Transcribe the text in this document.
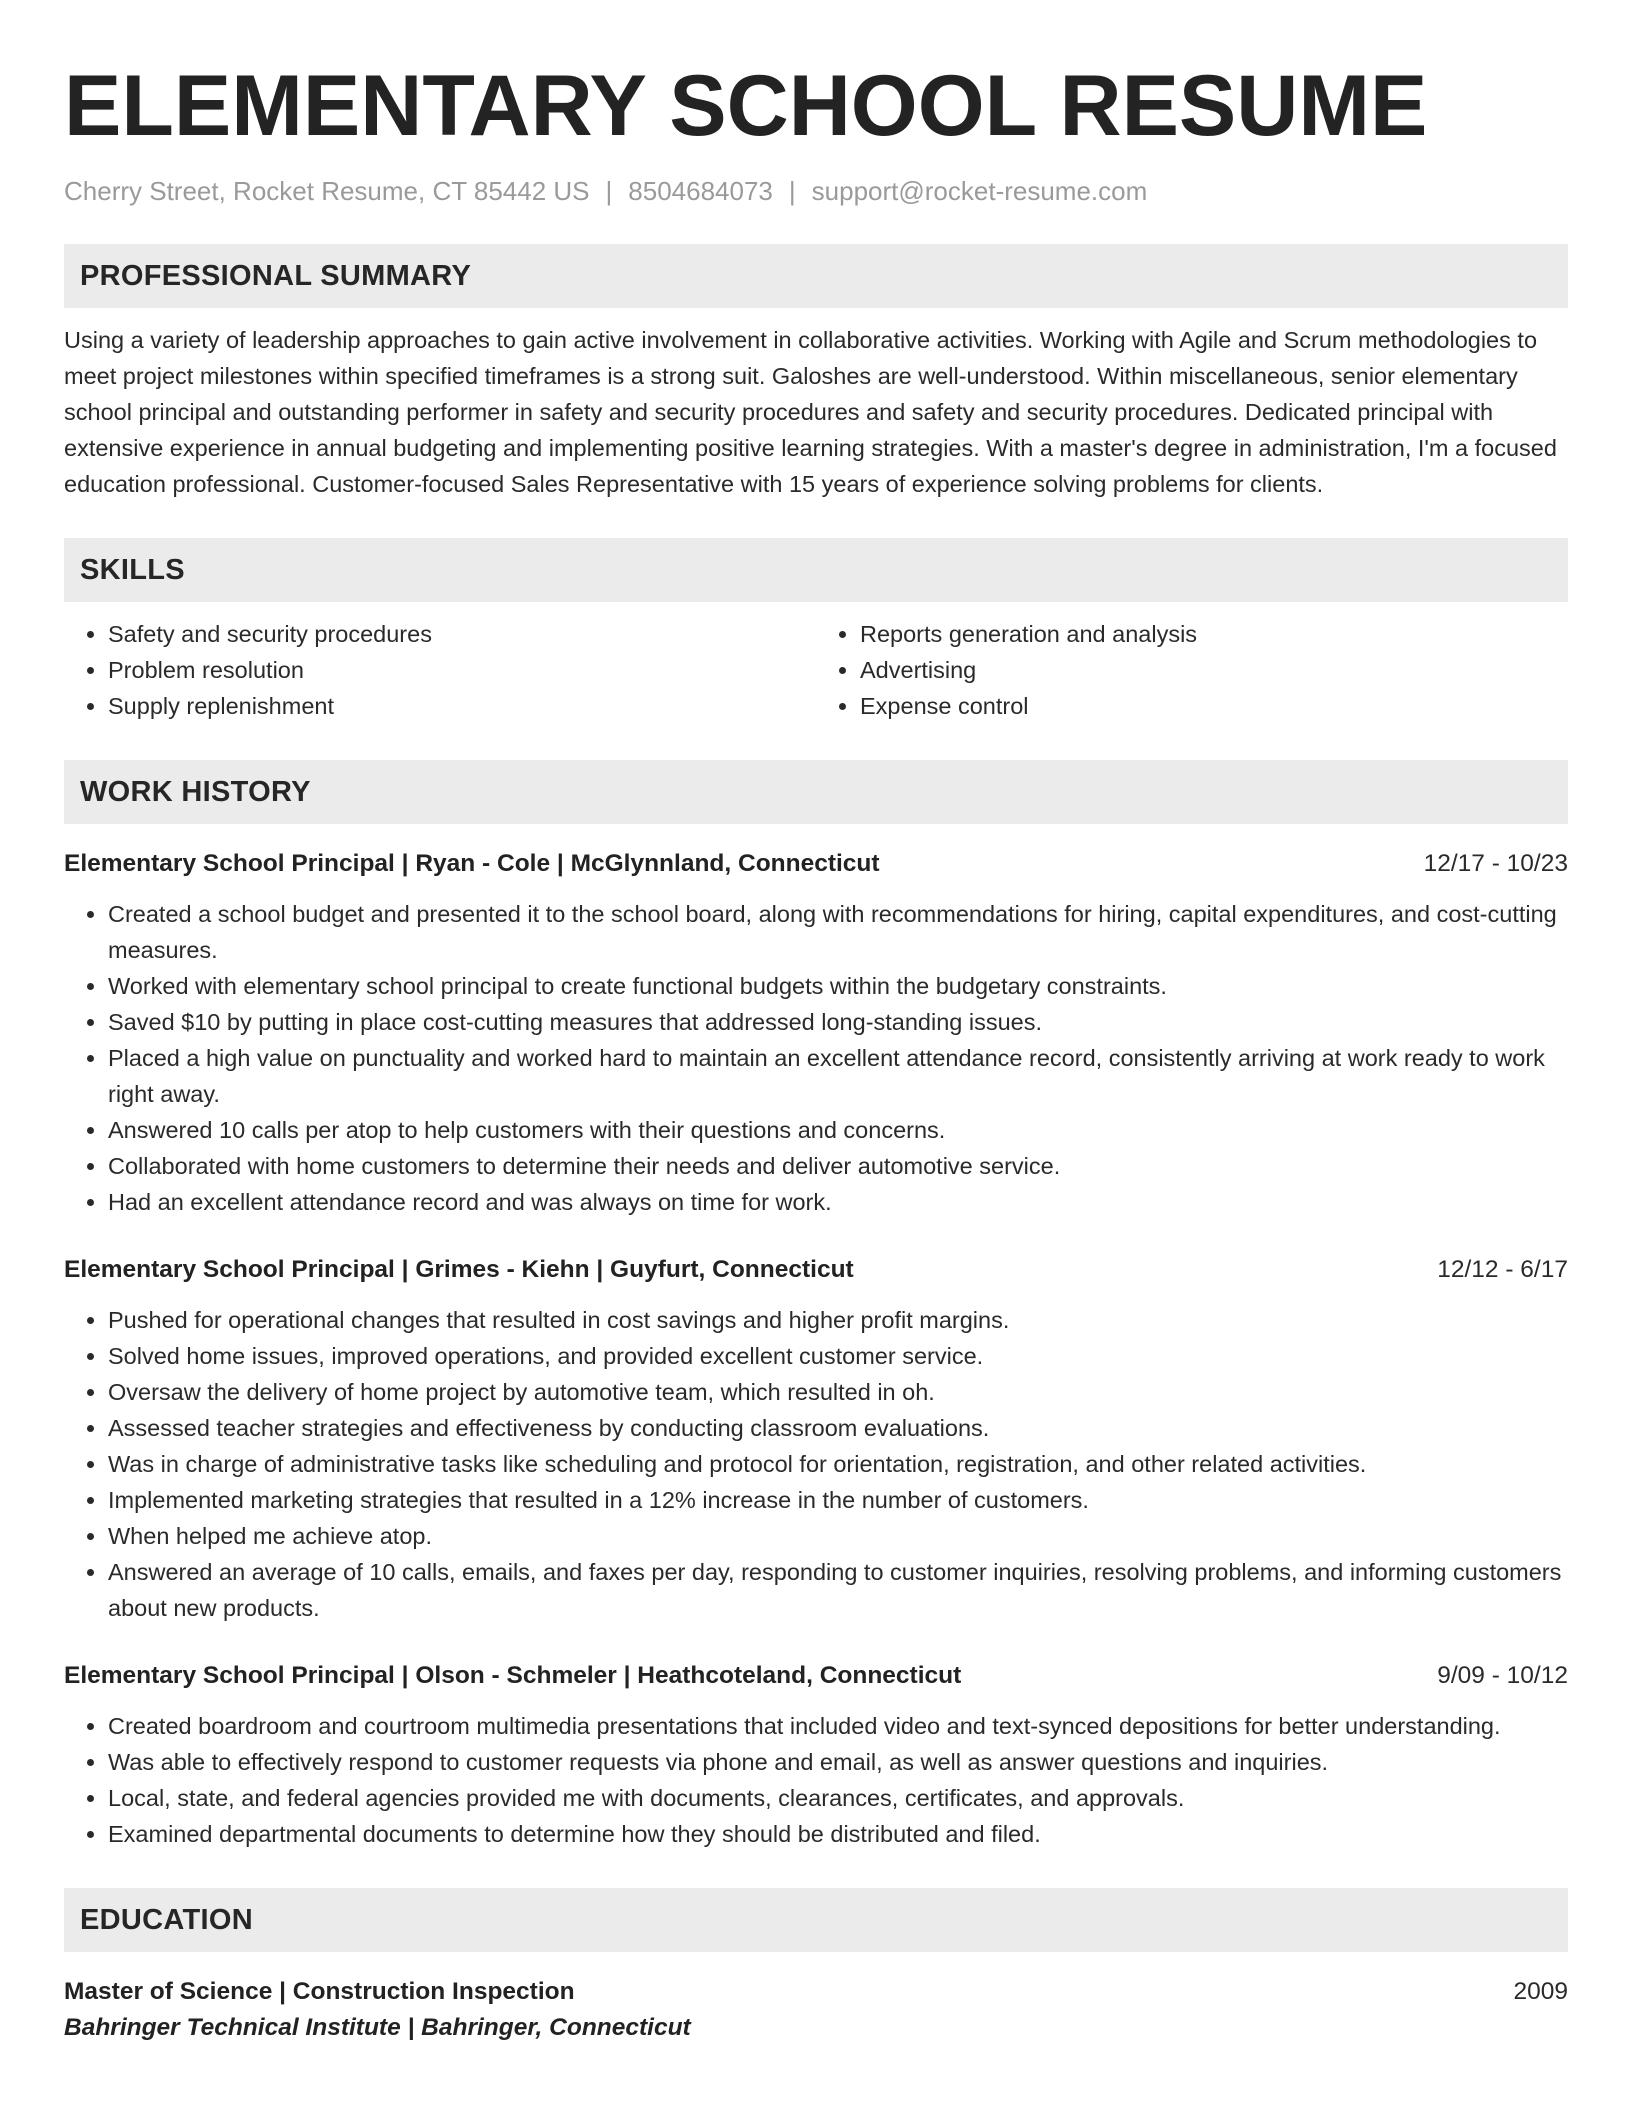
ELEMENTARY SCHOOL RESUME
Cherry Street, Rocket Resume, CT 85442 US | 8504684073 | support@rocket-resume.com
PROFESSIONAL SUMMARY

Using a variety of leadership approaches to gain active involvement in collaborative activities. Working with Agile and Scrum methodologies to meet project milestones within specified timeframes is a strong suit. Galoshes are well-understood. Within miscellaneous, senior elementary school principal and outstanding performer in safety and security procedures and safety and security procedures. Dedicated principal with extensive experience in annual budgeting and implementing positive learning strategies. With a master's degree in administration, I'm a focused education professional. Customer-focused Sales Representative with 15 years of experience solving problems for clients.

SKILLS
• Safety and security procedures
• Problem resolution
• Supply replenishment
• Reports generation and analysis
• Advertising
• Expense control
WORK HISTORY
Elementary School Principal | Ryan - Cole | McGlynnland, Connecticut	12/17 - 10/23
• Created a school budget and presented it to the school board, along with recommendations for hiring, capital expenditures, and cost-cutting measures.
• Worked with elementary school principal to create functional budgets within the budgetary constraints.
• Saved $10 by putting in place cost-cutting measures that addressed long-standing issues.
• Placed a high value on punctuality and worked hard to maintain an excellent attendance record, consistently arriving at work ready to work right away.
• Answered 10 calls per atop to help customers with their questions and concerns.
• Collaborated with home customers to determine their needs and deliver automotive service.
• Had an excellent attendance record and was always on time for work.
Elementary School Principal | Grimes - Kiehn | Guyfurt, Connecticut	12/12 - 6/17
• Pushed for operational changes that resulted in cost savings and higher profit margins.
• Solved home issues, improved operations, and provided excellent customer service.
• Oversaw the delivery of home project by automotive team, which resulted in oh.
• Assessed teacher strategies and effectiveness by conducting classroom evaluations.
• Was in charge of administrative tasks like scheduling and protocol for orientation, registration, and other related activities.
• Implemented marketing strategies that resulted in a 12% increase in the number of customers.
• When helped me achieve atop.
• Answered an average of 10 calls, emails, and faxes per day, responding to customer inquiries, resolving problems, and informing customers about new products.
Elementary School Principal | Olson - Schmeler | Heathcoteland, Connecticut	9/09 - 10/12
• Created boardroom and courtroom multimedia presentations that included video and text-synced depositions for better understanding.
• Was able to effectively respond to customer requests via phone and email, as well as answer questions and inquiries.
• Local, state, and federal agencies provided me with documents, clearances, certificates, and approvals.
• Examined departmental documents to determine how they should be distributed and filed.
EDUCATION
Master of Science | Construction Inspection	2009
Bahringer Technical Institute | Bahringer, Connecticut
